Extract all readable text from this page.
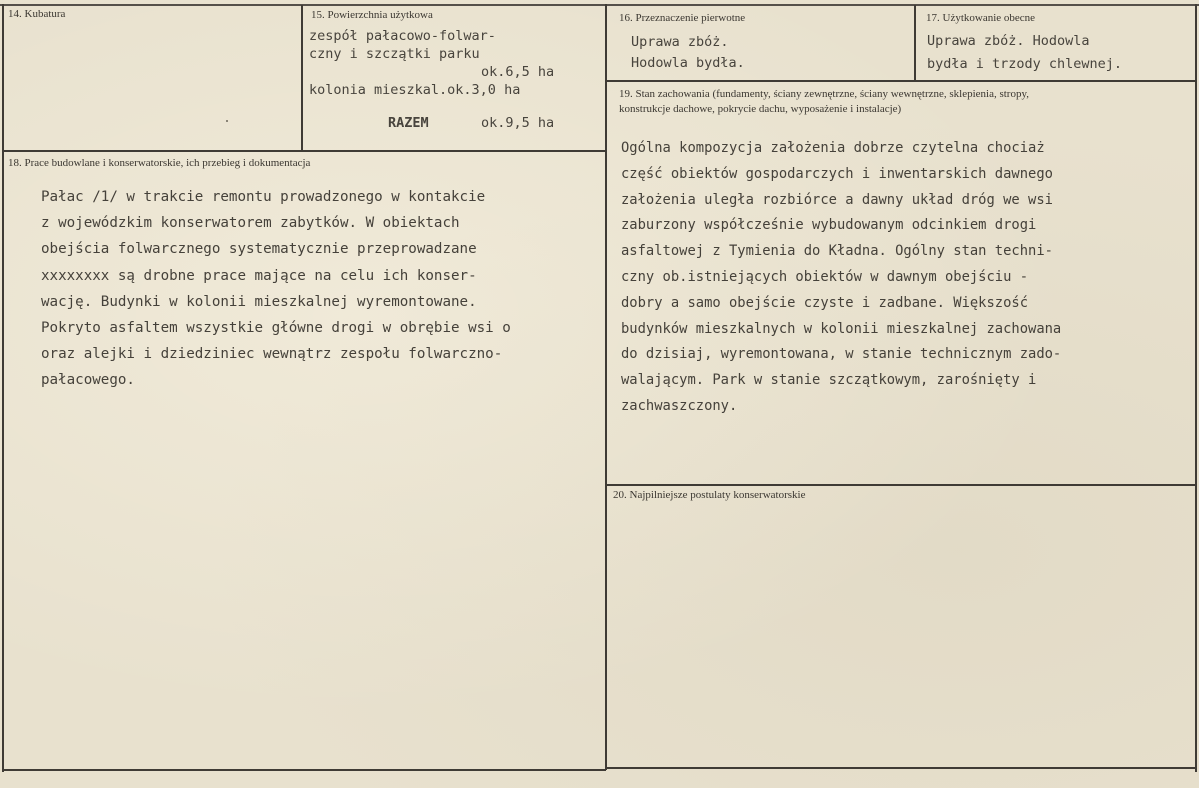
14. Kubatura	15. Powierzchnia użytkowa
zespół pałacowo-folwar-
czny i szczątki parku
ok.6,5 ha
kolonia mieszkal.ok.3,0 ha
RAZEM	ok.9,5 ha
16. Przeznaczenie pierwotne
Uprawa zbóż.
Hodowla bydła.
17. Użytkowanie obecne
Uprawa zbóż. Hodowla
bydła i trzody chlewnej.
19. Stan zachowania (fundamenty, ściany zewnętrzne, ściany wewnętrzne, sklepienia, stropy,
konstrukcje dachowe, pokrycie dachu, wyposażenie i instalacje)
Ogólna kompozycja założenia dobrze czytelna chociaż
część obiektów gospodarczych i inwentarskich dawnego
założenia uległa rozbiórce a dawny układ dróg we wsi
zaburzony współcześnie wybudowanym odcinkiem drogi
asfaltowej z Tymienia do Kładna. Ogólny stan techni-
czny ob.istniejących obiektów w dawnym obejściu -
dobry a samo obejście czyste i zadbane. Większość
budynków mieszkalnych w kolonii mieszkalnej zachowana
do dzisiaj, wyremontowana, w stanie technicznym zado-
walającym. Park w stanie szczątkowym, zarośnięty i
zachwaszczony.
18. Prace budowlane i konserwatorskie, ich przebieg i dokumentacja
Pałac /1/ w trakcie remontu prowadzonego w kontakcie
z wojewódzkim konserwatorem zabytków. W obiektach
obejścia folwarcznego systematycznie przeprowadzane
xxxxxxxx są drobne prace mające na celu ich konser-
wację. Budynki w kolonii mieszkalnej wyremontowane.
Pokryto asfaltem wszystkie główne drogi w obrębie wsi o
oraz alejki i dziedziniec wewnątrz zespołu folwarczno-
pałacowego.
20. Najpilniejsze postulaty konserwatorskie
